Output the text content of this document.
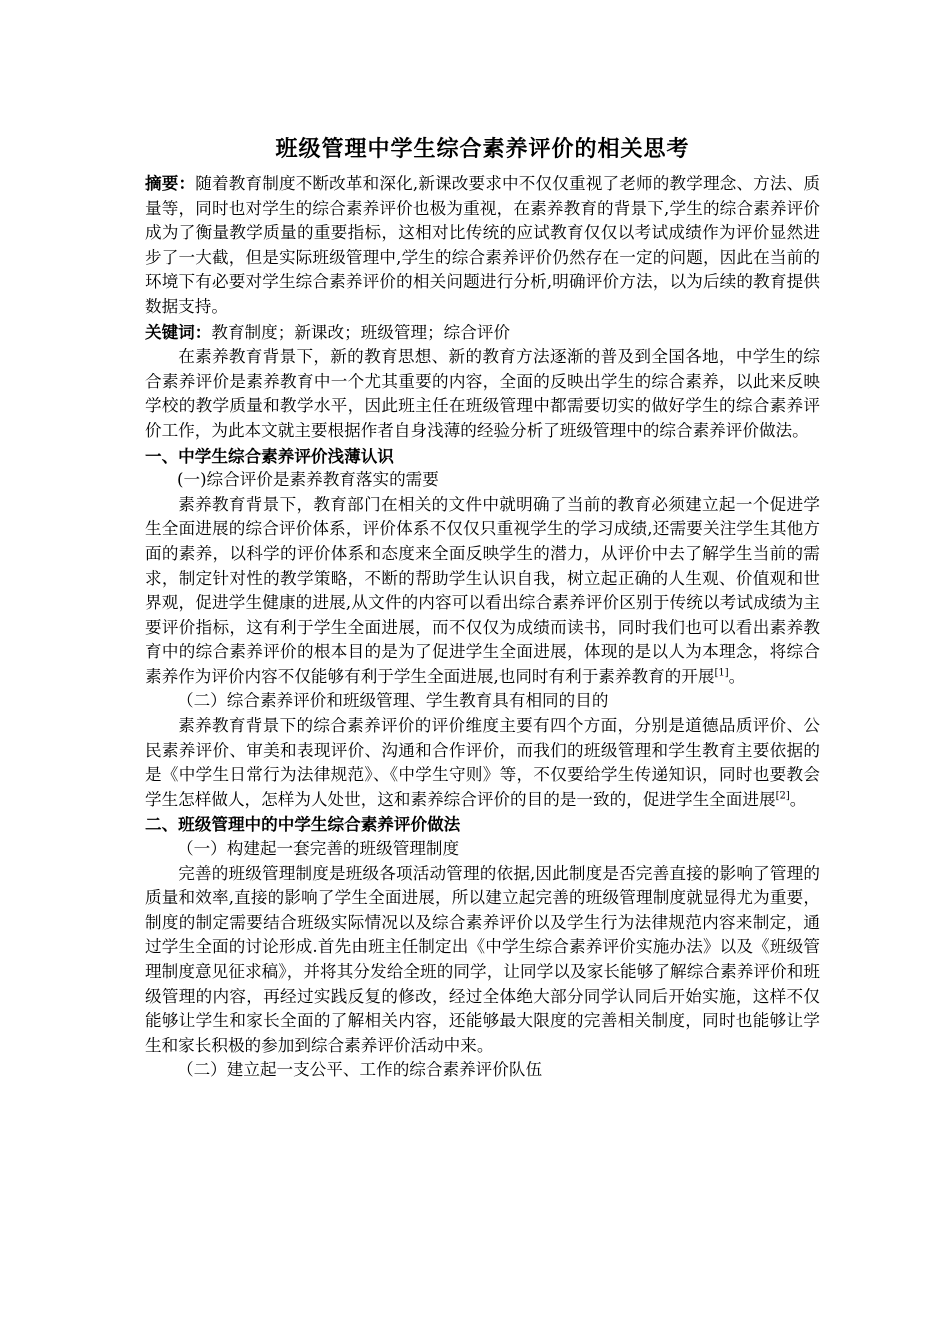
班级管理中学生综合素养评价的相关思考

摘要：随着教育制度不断改革和深化,新课改要求中不仅仅重视了老师的教学理念、方法、质量等，同时也对学生的综合素养评价也极为重视，在素养教育的背景下,学生的综合素养评价成为了衡量教学质量的重要指标，这相对比传统的应试教育仅仅以考试成绩作为评价显然进步了一大截，但是实际班级管理中,学生的综合素养评价仍然存在一定的问题，因此在当前的环境下有必要对学生综合素养评价的相关问题进行分析,明确评价方法，以为后续的教育提供数据支持。

关键词：教育制度；新课改；班级管理；综合评价

在素养教育背景下，新的教育思想、新的教育方法逐渐的普及到全国各地，中学生的综合素养评价是素养教育中一个尤其重要的内容，全面的反映出学生的综合素养，以此来反映学校的教学质量和教学水平，因此班主任在班级管理中都需要切实的做好学生的综合素养评价工作，为此本文就主要根据作者自身浅薄的经验分析了班级管理中的综合素养评价做法。

一、中学生综合素养评价浅薄认识

(一)综合评价是素养教育落实的需要

素养教育背景下，教育部门在相关的文件中就明确了当前的教育必须建立起一个促进学生全面进展的综合评价体系，评价体系不仅仅只重视学生的学习成绩,还需要关注学生其他方面的素养，以科学的评价体系和态度来全面反映学生的潜力，从评价中去了解学生当前的需求，制定针对性的教学策略，不断的帮助学生认识自我，树立起正确的人生观、价值观和世界观，促进学生健康的进展,从文件的内容可以看出综合素养评价区别于传统以考试成绩为主要评价指标，这有利于学生全面进展，而不仅仅为成绩而读书，同时我们也可以看出素养教育中的综合素养评价的根本目的是为了促进学生全面进展，体现的是以人为本理念，将综合素养作为评价内容不仅能够有利于学生全面进展,也同时有利于素养教育的开展[1]。

（二）综合素养评价和班级管理、学生教育具有相同的目的

素养教育背景下的综合素养评价的评价维度主要有四个方面，分别是道德品质评价、公民素养评价、审美和表现评价、沟通和合作评价，而我们的班级管理和学生教育主要依据的是《中学生日常行为法律规范》、《中学生守则》等，不仅要给学生传递知识，同时也要教会学生怎样做人，怎样为人处世，这和素养综合评价的目的是一致的，促进学生全面进展[2]。

二、班级管理中的中学生综合素养评价做法

（一）构建起一套完善的班级管理制度

完善的班级管理制度是班级各项活动管理的依据,因此制度是否完善直接的影响了管理的质量和效率,直接的影响了学生全面进展，所以建立起完善的班级管理制度就显得尤为重要，制度的制定需要结合班级实际情况以及综合素养评价以及学生行为法律规范内容来制定，通过学生全面的讨论形成.首先由班主任制定出《中学生综合素养评价实施办法》以及《班级管理制度意见征求稿》，并将其分发给全班的同学，让同学以及家长能够了解综合素养评价和班级管理的内容，再经过实践反复的修改，经过全体绝大部分同学认同后开始实施，这样不仅能够让学生和家长全面的了解相关内容，还能够最大限度的完善相关制度，同时也能够让学生和家长积极的参加到综合素养评价活动中来。

（二）建立起一支公平、工作的综合素养评价队伍
